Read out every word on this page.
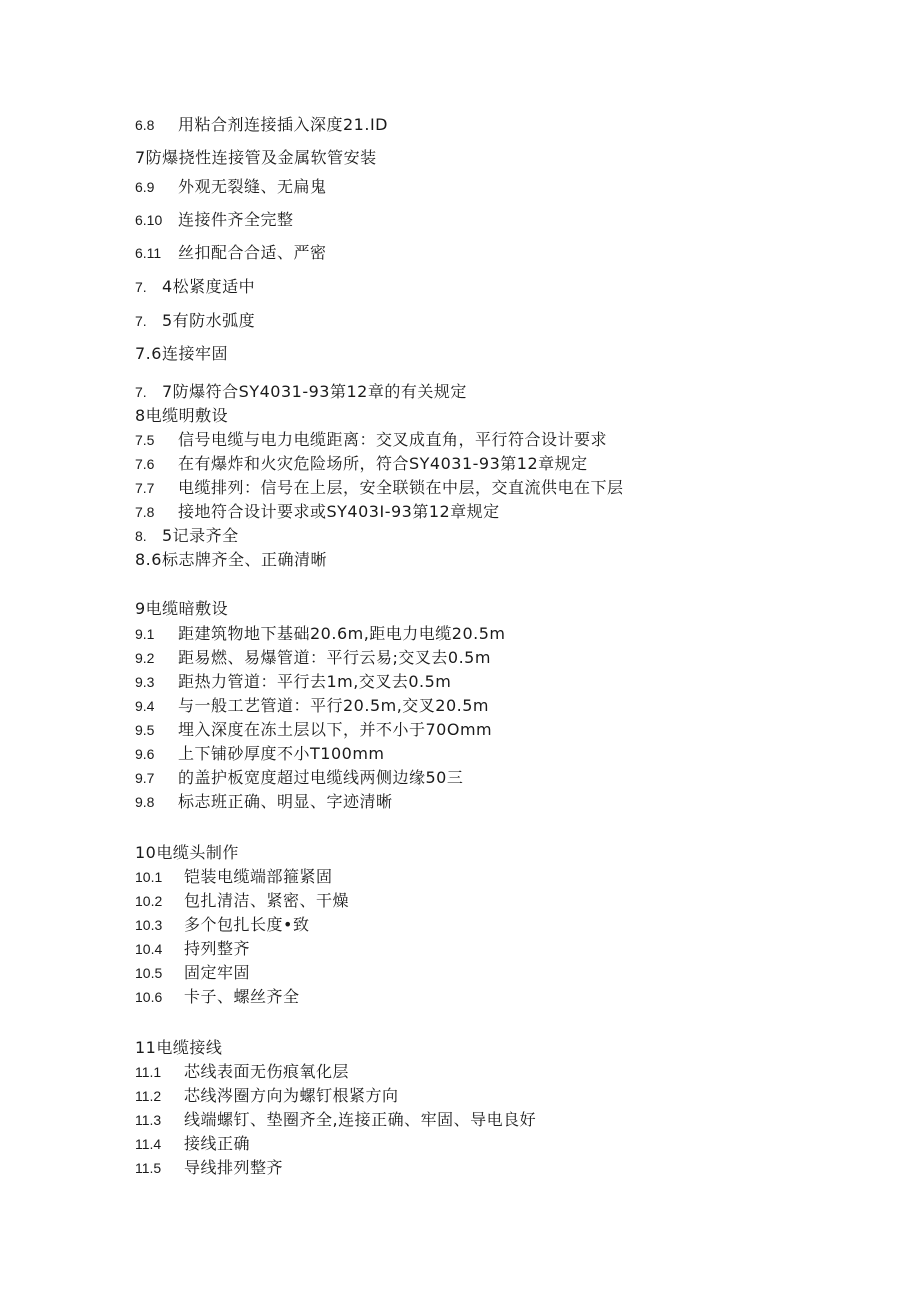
6.8 用粘合剂连接插入深度21.ID
7防爆挠性连接管及金属软管安装
6.9 外观无裂缝、无扁鬼
6.10 连接件齐全完整
6.11 丝扣配合合适、严密
7. 4松紧度适中
7. 5有防水弧度
7.6连接牢固
7. 7防爆符合SY4031-93第12章的有关规定
8电缆明敷设
7.5 信号电缆与电力电缆距离：交叉成直角，平行符合设计要求
7.6 在有爆炸和火灾危险场所，符合SY4031-93第12章规定
7.7 电缆排列：信号在上层，安全联锁在中层，交直流供电在下层
7.8 接地符合设计要求或SY403I-93第12章规定
8. 5记录齐全
8.6标志牌齐全、正确清晰
9电缆暗敷设
9.1 距建筑物地下基础20.6m,距电力电缆20.5m
9.2 距易燃、易爆管道：平行云易;交叉去0.5m
9.3 距热力管道：平行去1m,交叉去0.5m
9.4 与一般工艺管道：平行20.5m,交叉20.5m
9.5 埋入深度在冻土层以下，并不小于70Omm
9.6 上下铺砂厚度不小T100mm
9.7 的盖护板宽度超过电缆线两侧边缘50三
9.8 标志班正确、明显、字迹清晰
10电缆头制作
10.1 铠装电缆端部箍紧固
10.2 包扎清洁、紧密、干燥
10.3 多个包扎长度•致
10.4 持列整齐
10.5 固定牢固
10.6 卡子、螺丝齐全
11电缆接线
11.1 芯线表面无伤痕氧化层
11.2 芯线涔圈方向为螺钉根紧方向
11.3 线端螺钉、垫圈齐全,连接正确、牢固、导电良好
11.4 接线正确
11.5 导线排列整齐
